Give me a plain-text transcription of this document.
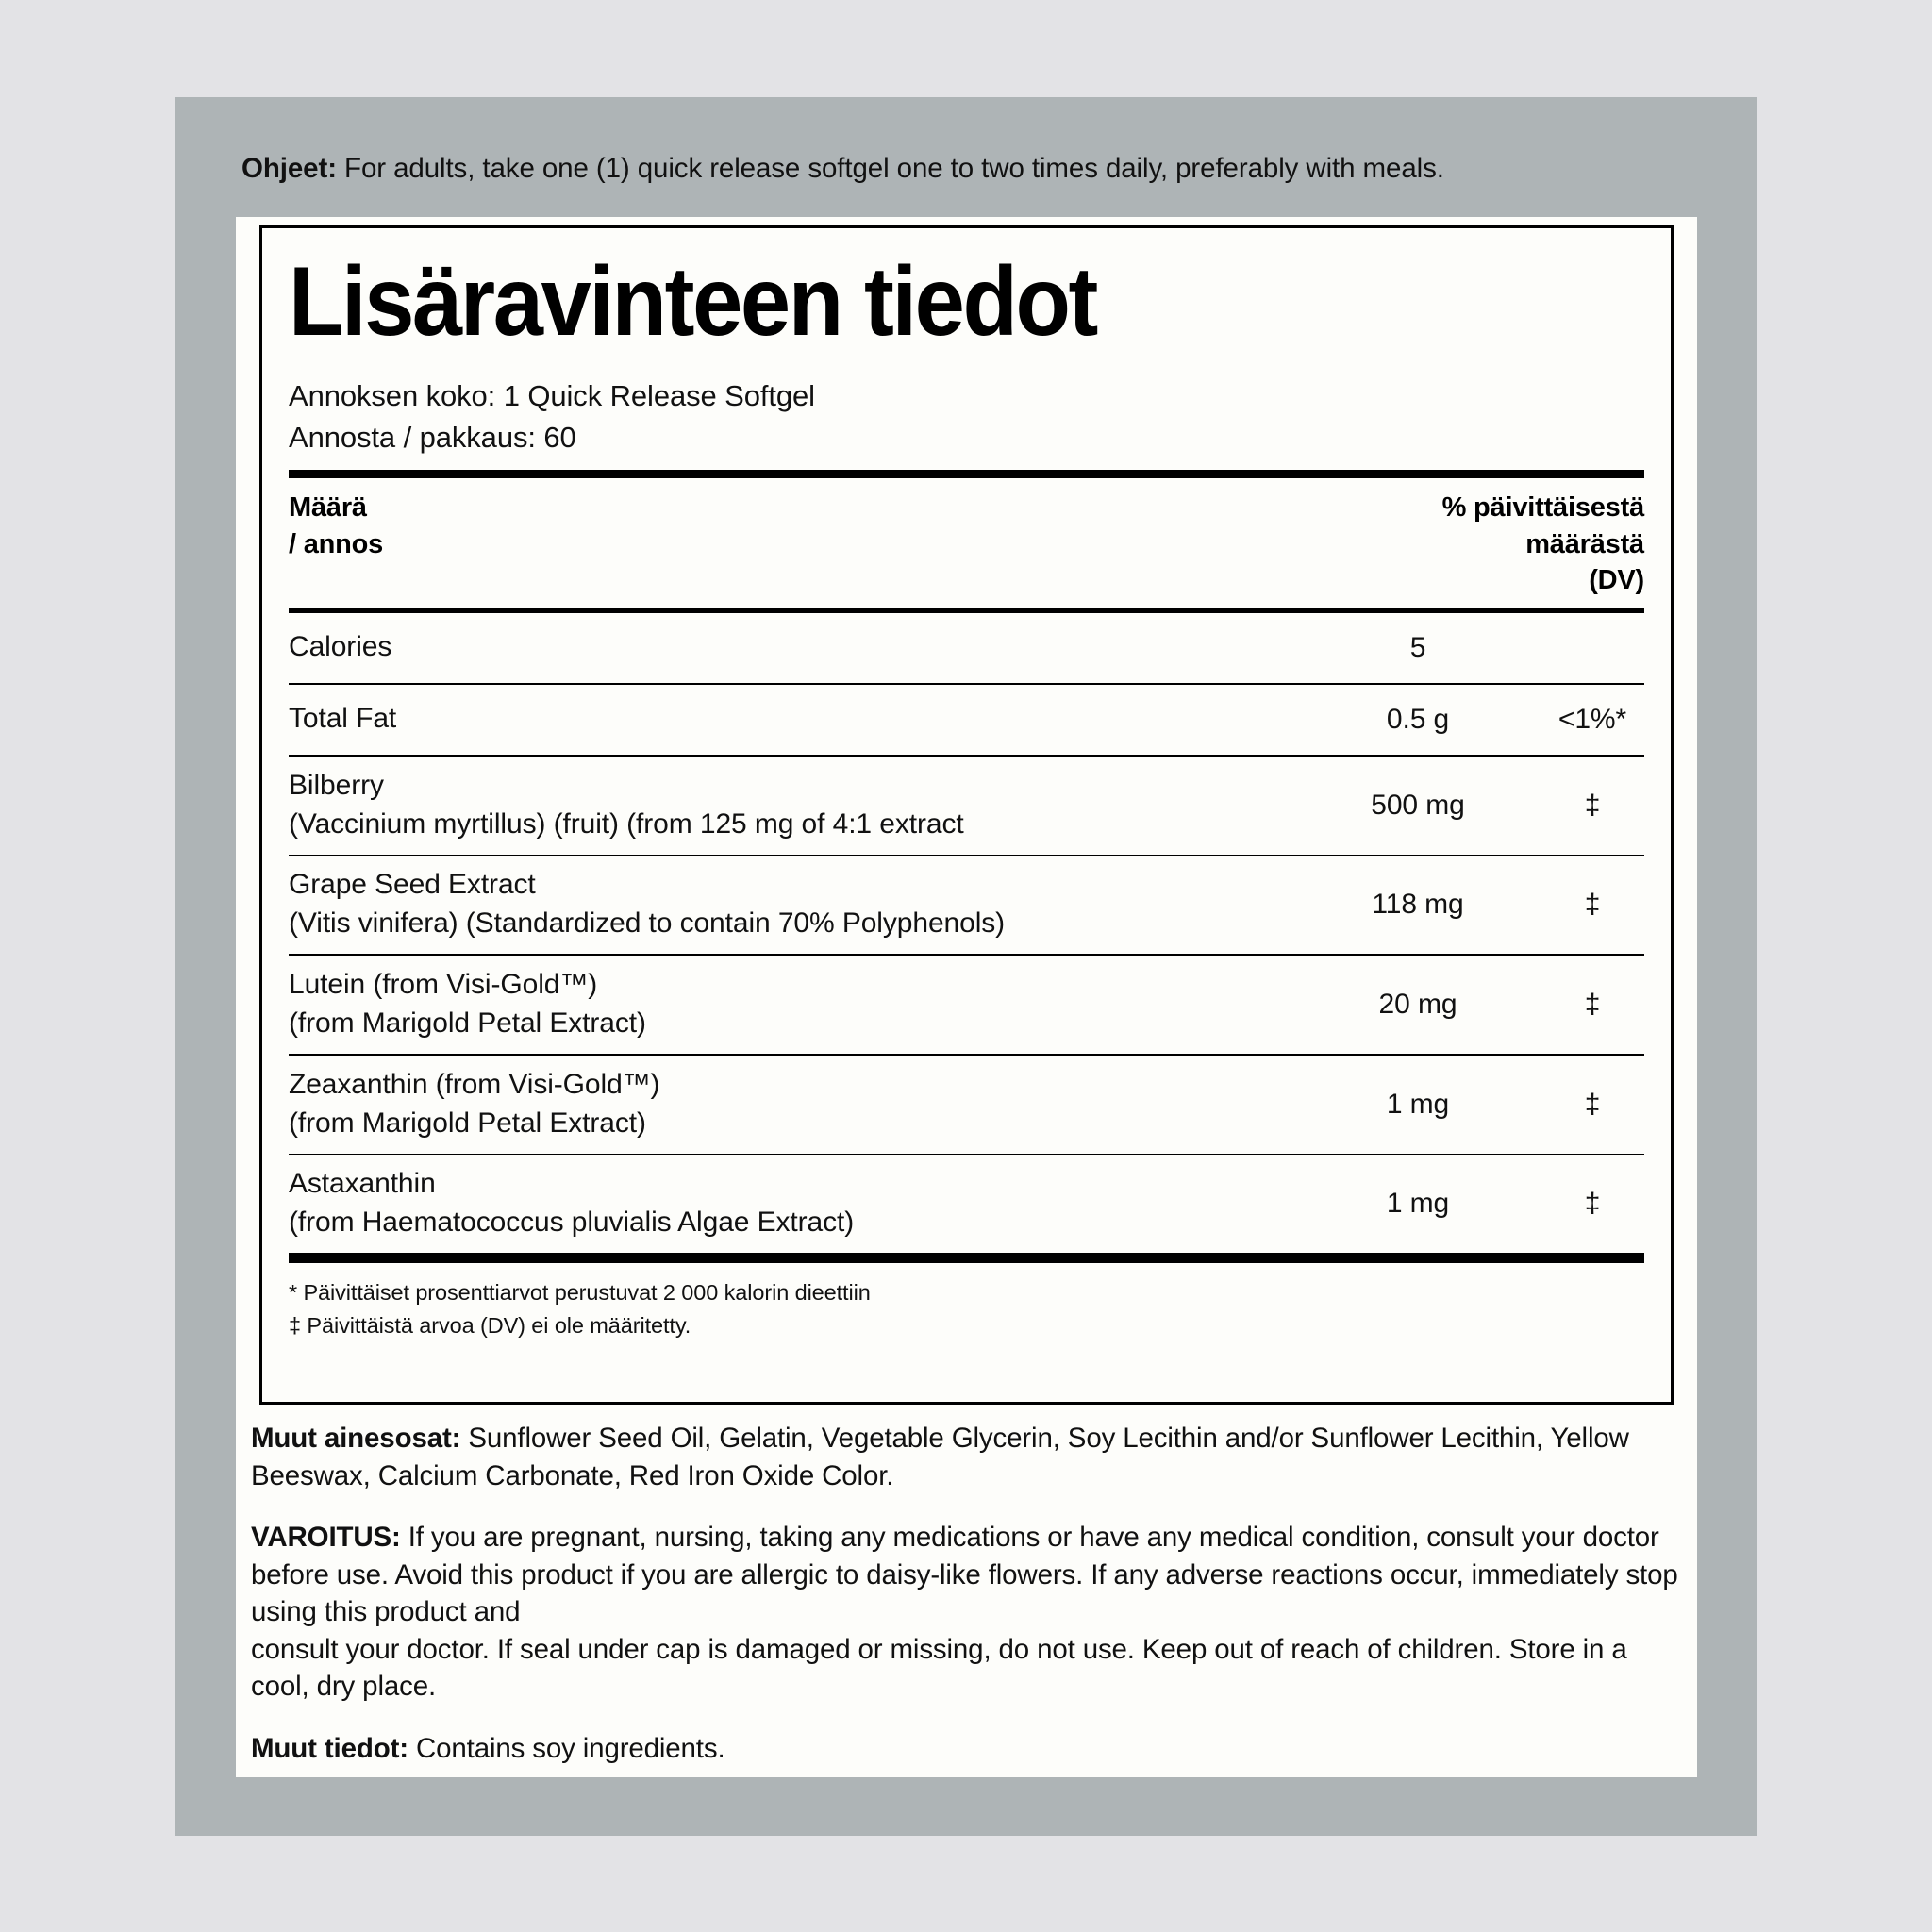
Ohjeet: For adults, take one (1) quick release softgel one to two times daily, preferably with meals.
Lisäravinteen tiedot
Annoksen koko: 1 Quick Release Softgel
Annosta / pakkaus: 60
Määrä
/ annos
% päivittäisestä
määrästä
(DV)
Calories	5
Total Fat	0.5 g	<1%*
Bilberry
(Vaccinium myrtillus) (fruit) (from 125 mg of 4:1 extract
500 mg	‡
Grape Seed Extract
(Vitis vinifera) (Standardized to contain 70% Polyphenols)
118 mg	‡
Lutein (from Visi-Gold™)
(from Marigold Petal Extract)
20 mg	‡
Zeaxanthin (from Visi-Gold™)
(from Marigold Petal Extract)
1 mg	‡
Astaxanthin
(from Haematococcus pluvialis Algae Extract)
1 mg	‡
* Päivittäiset prosenttiarvot perustuvat 2 000 kalorin dieettiin
‡ Päivittäistä arvoa (DV) ei ole määritetty.
Muut ainesosat: Sunflower Seed Oil, Gelatin, Vegetable Glycerin, Soy Lecithin and/or Sunflower Lecithin, Yellow Beeswax, Calcium Carbonate, Red Iron Oxide Color.
VAROITUS: If you are pregnant, nursing, taking any medications or have any medical condition, consult your doctor before use. Avoid this product if you are allergic to daisy-like flowers. If any adverse reactions occur, immediately stop using this product and
consult your doctor. If seal under cap is damaged or missing, do not use. Keep out of reach of children. Store in a cool, dry place.
Muut tiedot: Contains soy ingredients.
